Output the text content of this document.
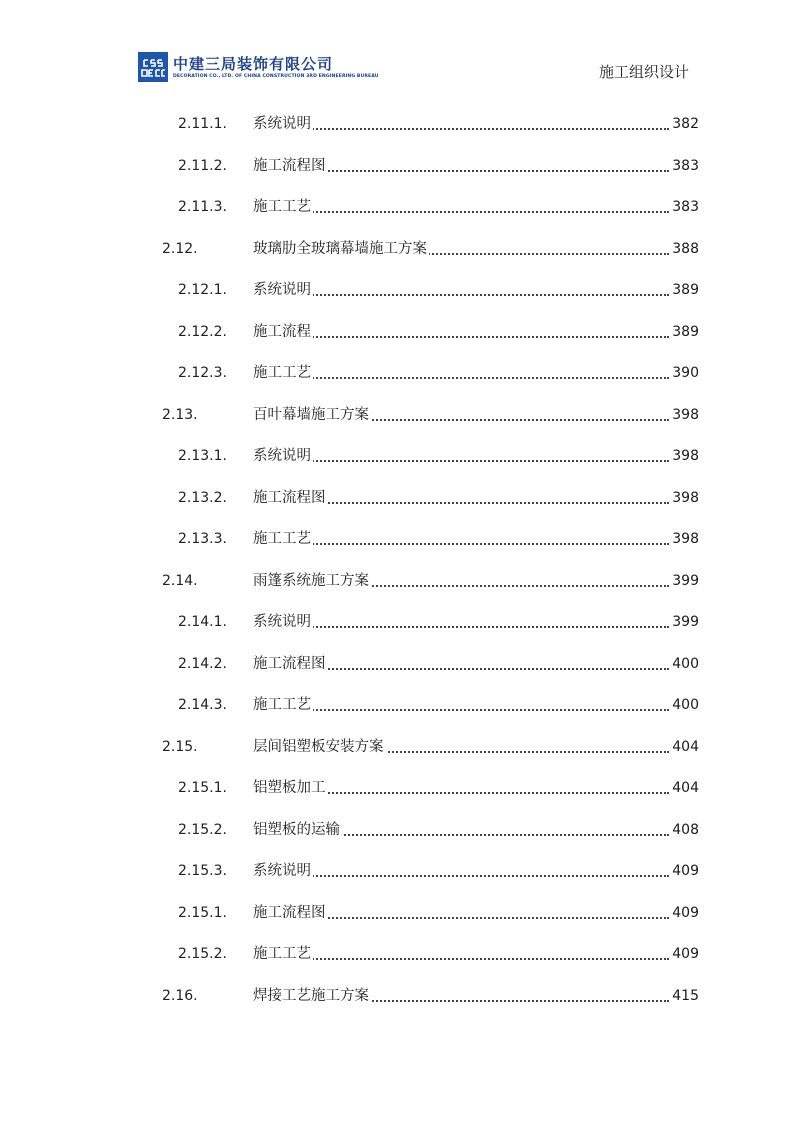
中建三局装饰有限公司
DECORATION CO., LTD. OF CHINA CONSTRUCTION 3RD ENGINEERING BUREAU	施工组织设计
2.11.1. 系统说明	382
2.11.2. 施工流程图	383
2.11.3. 施工工艺	383
2.12.	玻璃肋全玻璃幕墙施工方案	388
2.12.1. 系统说明	389
2.12.2. 施工流程	389
2.12.3. 施工工艺	390
2.13.	百叶幕墙施工方案	398
2.13.1. 系统说明	398
2.13.2. 施工流程图	398
2.13.3. 施工工艺	398
2.14.	雨篷系统施工方案	399
2.14.1. 系统说明	399
2.14.2. 施工流程图	400
2.14.3. 施工工艺	400
2.15.	层间铝塑板安装方案	404
2.15.1. 铝塑板加工	404
2.15.2. 铝塑板的运输	408
2.15.3. 系统说明	409
2.15.1. 施工流程图	409
2.15.2. 施工工艺	409
2.16.	焊接工艺施工方案	415
